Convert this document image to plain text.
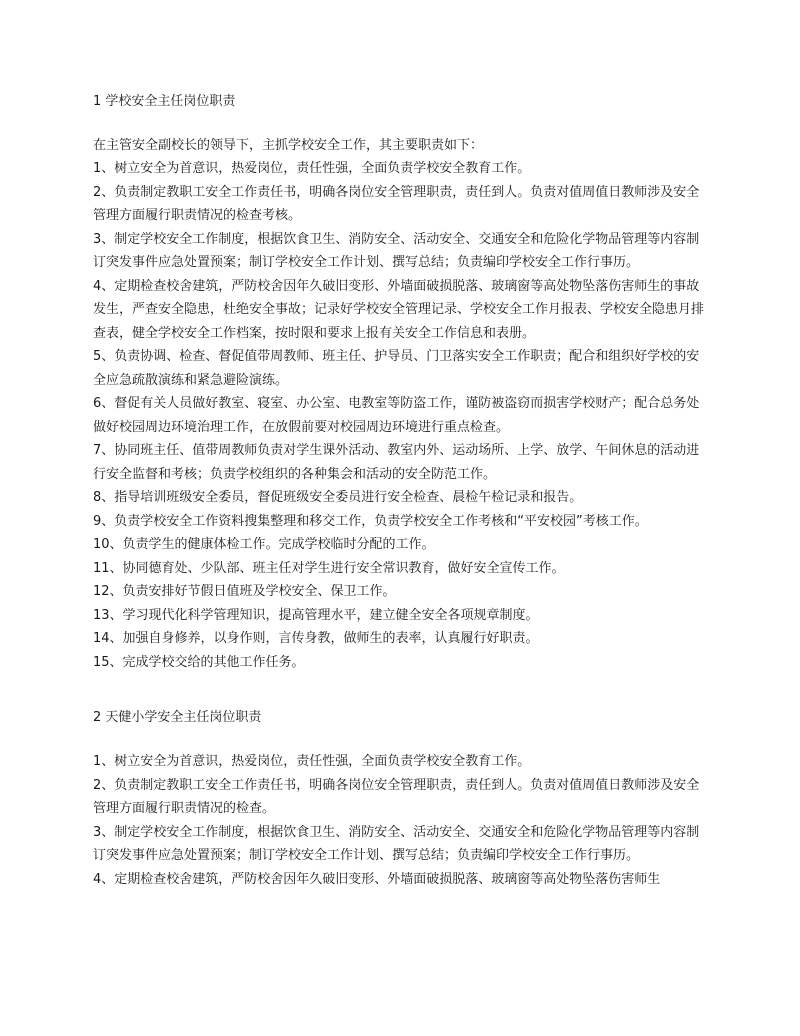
1 学校安全主任岗位职责

在主管安全副校长的领导下，主抓学校安全工作，其主要职责如下：

1、树立安全为首意识，热爱岗位，责任性强，全面负责学校安全教育工作。

2、负责制定教职工安全工作责任书，明确各岗位安全管理职责，责任到人。负责对值周值日教师涉及安全管理方面履行职责情况的检查考核。

3、制定学校安全工作制度，根据饮食卫生、消防安全、活动安全、交通安全和危险化学物品管理等内容制订突发事件应急处置预案；制订学校安全工作计划、撰写总结；负责编印学校安全工作行事历。

4、定期检查校舍建筑，严防校舍因年久破旧变形、外墙面破损脱落、玻璃窗等高处物坠落伤害师生的事故发生，严查安全隐患，杜绝安全事故；记录好学校安全管理记录、学校安全工作月报表、学校安全隐患月排查表，健全学校安全工作档案，按时限和要求上报有关安全工作信息和表册。

5、负责协调、检查、督促值带周教师、班主任、护导员、门卫落实安全工作职责；配合和组织好学校的安全应急疏散演练和紧急避险演练。

6、督促有关人员做好教室、寝室、办公室、电教室等防盗工作，谨防被盗窃而损害学校财产；配合总务处做好校园周边环境治理工作，在放假前要对校园周边环境进行重点检查。

7、协同班主任、值带周教师负责对学生课外活动、教室内外、运动场所、上学、放学、午间休息的活动进行安全监督和考核；负责学校组织的各种集会和活动的安全防范工作。

8、指导培训班级安全委员，督促班级安全委员进行安全检查、晨检午检记录和报告。

9、负责学校安全工作资料搜集整理和移交工作，负责学校安全工作考核和“平安校园”考核工作。

10、负责学生的健康体检工作。完成学校临时分配的工作。

11、协同德育处、少队部、班主任对学生进行安全常识教育，做好安全宣传工作。

12、负责安排好节假日值班及学校安全、保卫工作。

13、学习现代化科学管理知识，提高管理水平，建立健全安全各项规章制度。

14、加强自身修养，以身作则，言传身教，做师生的表率，认真履行好职责。

15、完成学校交给的其他工作任务。

2 天健小学安全主任岗位职责

1、树立安全为首意识，热爱岗位，责任性强，全面负责学校安全教育工作。

2、负责制定教职工安全工作责任书，明确各岗位安全管理职责，责任到人。负责对值周值日教师涉及安全管理方面履行职责情况的检查。

3、制定学校安全工作制度，根据饮食卫生、消防安全、活动安全、交通安全和危险化学物品管理等内容制订突发事件应急处置预案；制订学校安全工作计划、撰写总结；负责编印学校安全工作行事历。

4、定期检查校舍建筑，严防校舍因年久破旧变形、外墙面破损脱落、玻璃窗等高处物坠落伤害师生
